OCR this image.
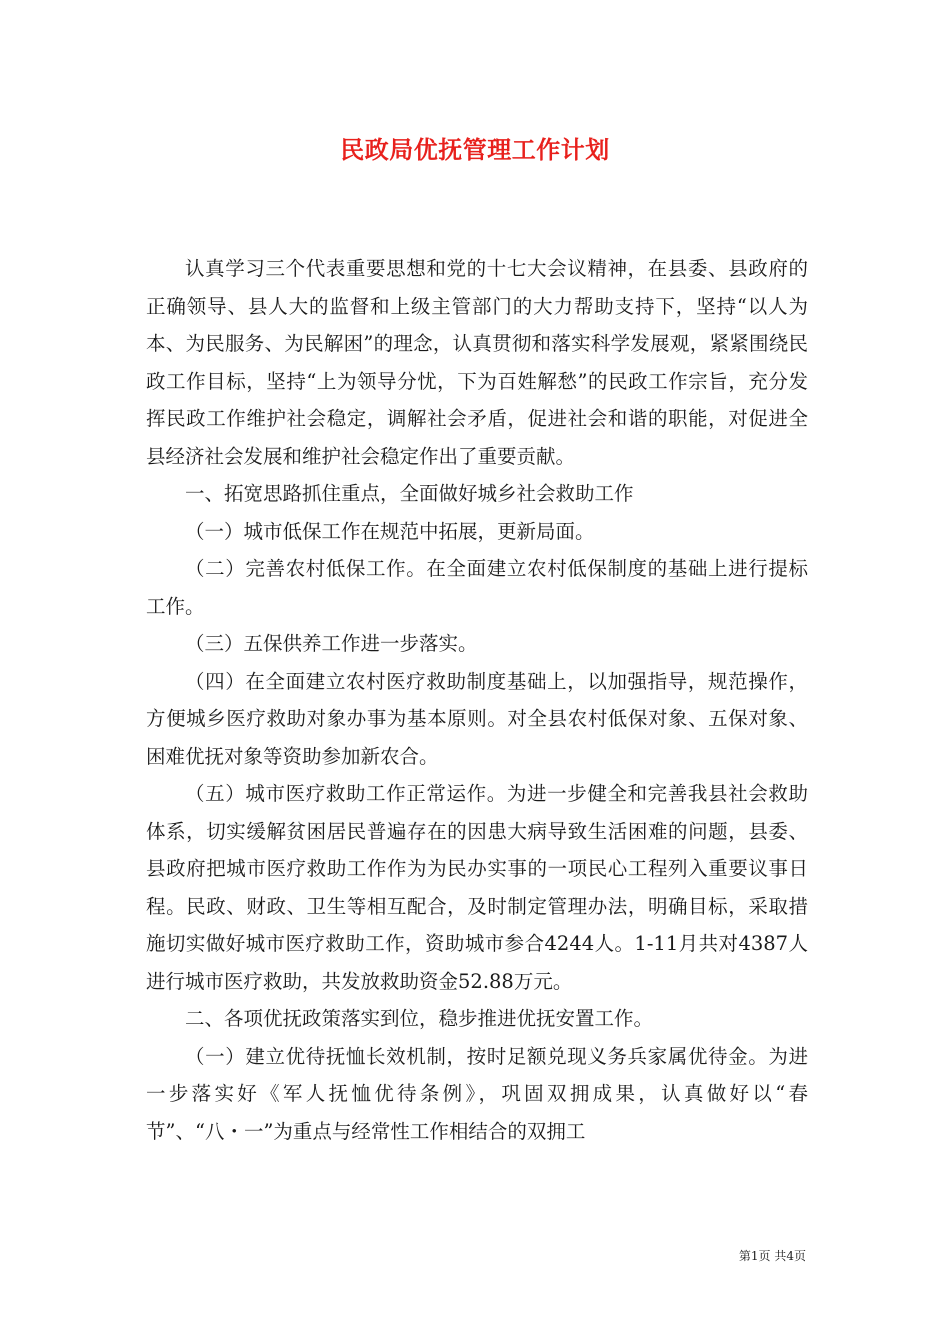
民政局优抚管理工作计划

认真学习三个代表重要思想和党的十七大会议精神，在县委、县政府的正确领导、县人大的监督和上级主管部门的大力帮助支持下，坚持“以人为本、为民服务、为民解困”的理念，认真贯彻和落实科学发展观，紧紧围绕民政工作目标，坚持“上为领导分忧，下为百姓解愁”的民政工作宗旨，充分发挥民政工作维护社会稳定，调解社会矛盾，促进社会和谐的职能，对促进全县经济社会发展和维护社会稳定作出了重要贡献。

一、拓宽思路抓住重点，全面做好城乡社会救助工作

（一）城市低保工作在规范中拓展，更新局面。

（二）完善农村低保工作。在全面建立农村低保制度的基础上进行提标工作。

（三）五保供养工作进一步落实。

（四）在全面建立农村医疗救助制度基础上，以加强指导，规范操作，方便城乡医疗救助对象办事为基本原则。对全县农村低保对象、五保对象、困难优抚对象等资助参加新农合。

（五）城市医疗救助工作正常运作。为进一步健全和完善我县社会救助体系，切实缓解贫困居民普遍存在的因患大病导致生活困难的问题，县委、县政府把城市医疗救助工作作为为民办实事的一项民心工程列入重要议事日程。民政、财政、卫生等相互配合，及时制定管理办法，明确目标，采取措施切实做好城市医疗救助工作，资助城市参合4244人。1-11月共对4387人进行城市医疗救助，共发放救助资金52.88万元。

二、各项优抚政策落实到位，稳步推进优抚安置工作。

（一）建立优待抚恤长效机制，按时足额兑现义务兵家属优待金。为进一步落实好《军人抚恤优待条例》，巩固双拥成果，认真做好以“春节”、“八・一”为重点与经常性工作相结合的双拥工

第1页 共4页
